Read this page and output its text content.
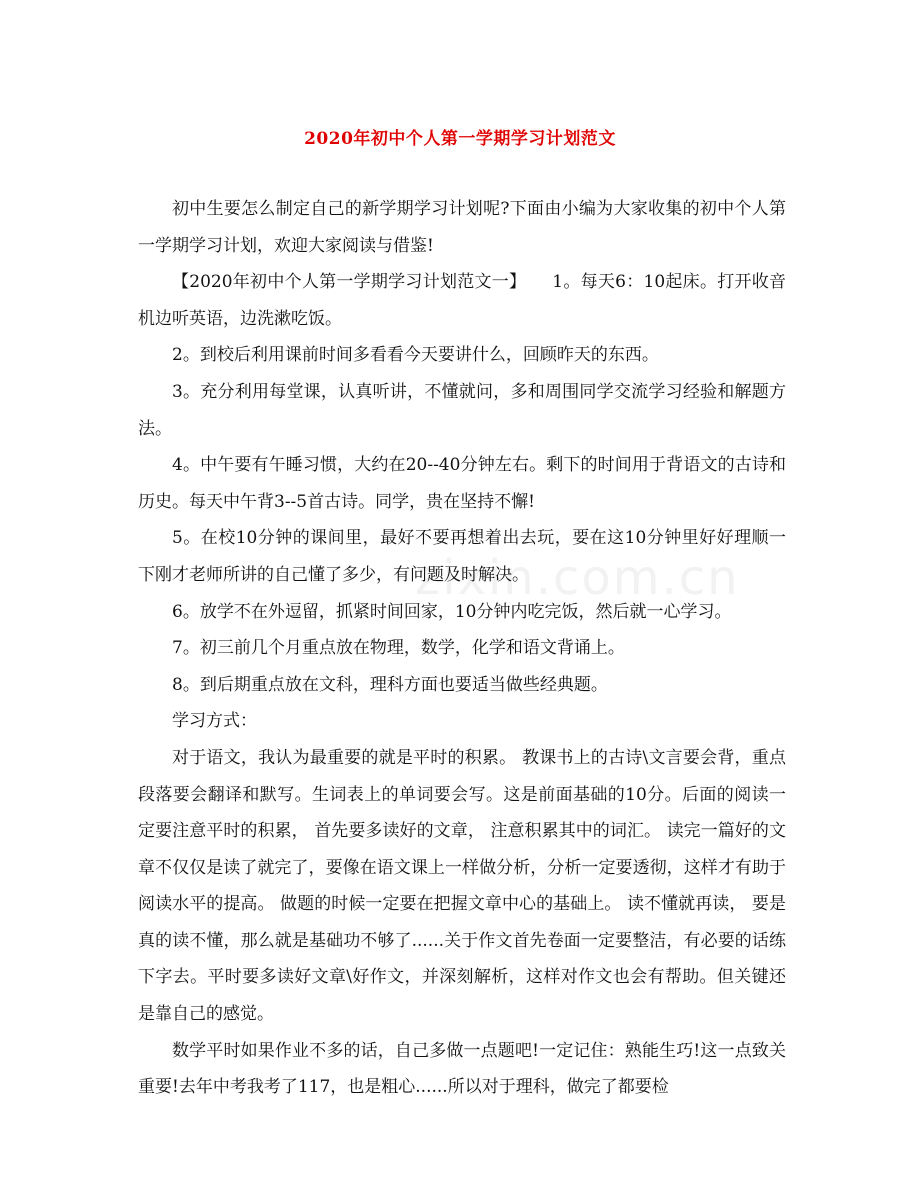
zixin.com.cn
2020年初中个人第一学期学习计划范文

初中生要怎么制定自己的新学期学习计划呢?下面由小编为大家收集的初中个人第一学期学习计划，欢迎大家阅读与借鉴!

【2020年初中个人第一学期学习计划范文一】　　1。每天6：10起床。打开收音机边听英语，边洗漱吃饭。

2。到校后利用课前时间多看看今天要讲什么，回顾昨天的东西。

3。充分利用每堂课，认真听讲，不懂就问，多和周围同学交流学习经验和解题方法。

4。中午要有午睡习惯，大约在20--40分钟左右。剩下的时间用于背语文的古诗和历史。每天中午背3--5首古诗。同学，贵在坚持不懈!

5。在校10分钟的课间里，最好不要再想着出去玩，要在这10分钟里好好理顺一下刚才老师所讲的自己懂了多少，有问题及时解决。

6。放学不在外逗留，抓紧时间回家，10分钟内吃完饭，然后就一心学习。

7。初三前几个月重点放在物理，数学，化学和语文背诵上。

8。到后期重点放在文科，理科方面也要适当做些经典题。

学习方式：

对于语文，我认为最重要的就是平时的积累。 教课书上的古诗\文言要会背，重点段落要会翻译和默写。生词表上的单词要会写。这是前面基础的10分。后面的阅读一定要注意平时的积累， 首先要多读好的文章， 注意积累其中的词汇。 读完一篇好的文章不仅仅是读了就完了，要像在语文课上一样做分析，分析一定要透彻，这样才有助于阅读水平的提高。 做题的时候一定要在把握文章中心的基础上。 读不懂就再读， 要是真的读不懂，那么就是基础功不够了......关于作文首先卷面一定要整洁，有必要的话练下字去。平时要多读好文章\好作文，并深刻解析，这样对作文也会有帮助。但关键还是靠自己的感觉。

数学平时如果作业不多的话，自己多做一点题吧!一定记住：熟能生巧!这一点致关重要!去年中考我考了117，也是粗心......所以对于理科，做完了都要检
